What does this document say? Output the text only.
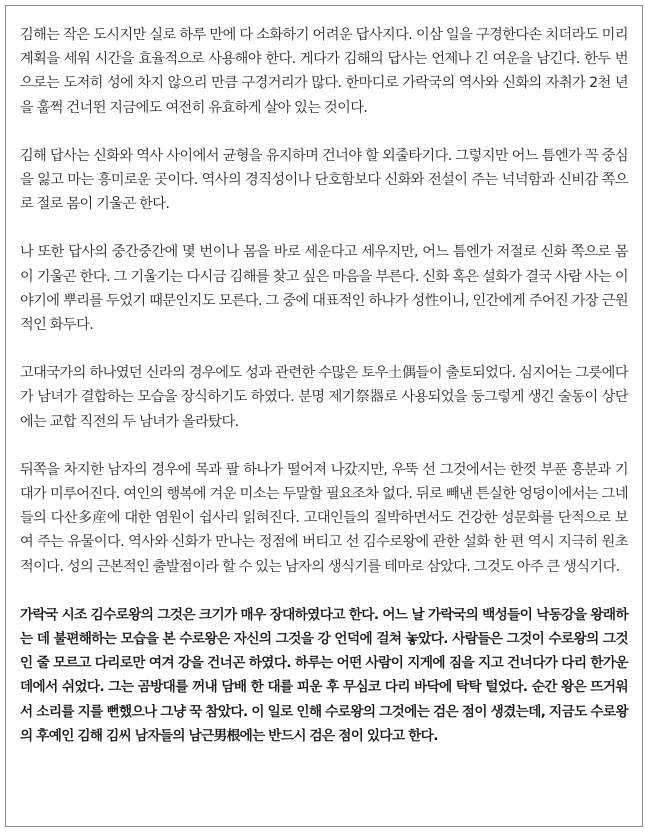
김해는 작은 도시지만 실로 하루 만에 다 소화하기 어려운 답사지다. 이삼 일을 구경한다손 치더라도 미리 계획을 세워 시간을 효율적으로 사용해야 한다. 게다가 김해의 답사는 언제나 긴 여운을 남긴다. 한두 번으로는 도저히 성에 차지 않으리 만큼 구경거리가 많다. 한마디로 가락국의 역사와 신화의 자취가 2천 년을 훌쩍 건너뛴 지금에도 여전히 유효하게 살아 있는 것이다.

김해 답사는 신화와 역사 사이에서 균형을 유지하며 건너야 할 외줄타기다. 그렇지만 어느 틈엔가 꼭 중심을 잃고 마는 흥미로운 곳이다. 역사의 경직성이나 단호함보다 신화와 전설이 주는 넉넉함과 신비감 쪽으로 절로 몸이 기울곤 한다.

나 또한 답사의 중간중간에 몇 번이나 몸을 바로 세운다고 세우지만, 어느 틈엔가 저절로 신화 쪽으로 몸이 기울곤 한다. 그 기울기는 다시금 김해를 찾고 싶은 마음을 부른다. 신화 혹은 설화가 결국 사람 사는 이야기에 뿌리를 두었기 때문인지도 모른다. 그 중에 대표적인 하나가 성性이니, 인간에게 주어진 가장 근원적인 화두다.

고대국가의 하나였던 신라의 경우에도 성과 관련한 수많은 토우土偶들이 출토되었다. 심지어는 그릇에다가 남녀가 결합하는 모습을 장식하기도 하였다. 분명 제기祭器로 사용되었을 둥그렇게 생긴 술동이 상단에는 교합 직전의 두 남녀가 올라탔다.

뒤쪽을 차지한 남자의 경우에 목과 팔 하나가 떨어져 나갔지만, 우뚝 선 그것에서는 한껏 부푼 흥분과 기대가 미루어진다. 여인의 행복에 겨운 미소는 두말할 필요조차 없다. 뒤로 빼낸 튼실한 엉덩이에서는 그네들의 다산多産에 대한 염원이 쉽사리 읽혀진다. 고대인들의 질박하면서도 건강한 성문화를 단적으로 보여 주는 유물이다. 역사와 신화가 만나는 정점에 버티고 선 김수로왕에 관한 설화 한 편 역시 지극히 원초적이다. 성의 근본적인 출발점이라 할 수 있는 남자의 생식기를 테마로 삼았다. 그것도 아주 큰 생식기다.

가락국 시조 김수로왕의 그것은 크기가 매우 장대하였다고 한다. 어느 날 가락국의 백성들이 낙동강을 왕래하는 데 불편해하는 모습을 본 수로왕은 자신의 그것을 강 언덕에 걸쳐 놓았다. 사람들은 그것이 수로왕의 그것인 줄 모르고 다리로만 여겨 강을 건너곤 하였다. 하루는 어떤 사람이 지게에 짐을 지고 건너다가 다리 한가운데에서 쉬었다. 그는 곰방대를 꺼내 담배 한 대를 피운 후 무심코 다리 바닥에 탁탁 털었다. 순간 왕은 뜨거워서 소리를 지를 뻔했으나 그냥 꾹 참았다. 이 일로 인해 수로왕의 그것에는 검은 점이 생겼는데, 지금도 수로왕의 후예인 김해 김씨 남자들의 남근男根에는 반드시 검은 점이 있다고 한다.
